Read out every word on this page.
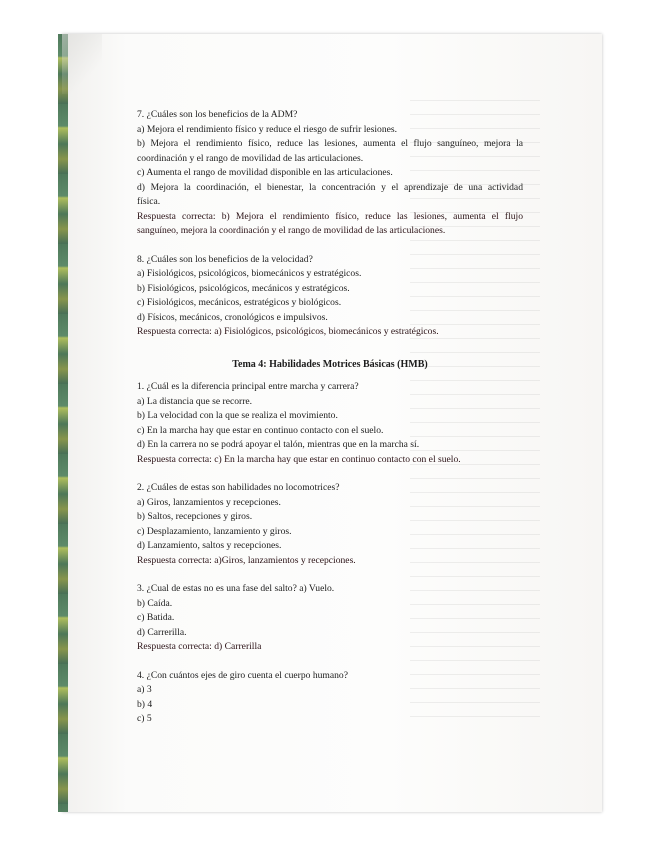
7. ¿Cuáles son los beneficios de la ADM?
a) Mejora el rendimiento físico y reduce el riesgo de sufrir lesiones.
b) Mejora el rendimiento físico, reduce las lesiones, aumenta el flujo sanguíneo, mejora la
coordinación y el rango de movilidad de las articulaciones.
c) Aumenta el rango de movilidad disponible en las articulaciones.
d) Mejora la coordinación, el bienestar, la concentración y el aprendizaje de una actividad
física.
Respuesta correcta: b) Mejora el rendimiento físico, reduce las lesiones, aumenta el flujo
sanguíneo, mejora la coordinación y el rango de movilidad de las articulaciones.
8. ¿Cuáles son los beneficios de la velocidad?
a) Fisiológicos, psicológicos, biomecánicos y estratégicos.
b) Fisiológicos, psicológicos, mecánicos y estratégicos.
c) Fisiológicos, mecánicos, estratégicos y biológicos.
d) Físicos, mecánicos, cronológicos e impulsivos.
Respuesta correcta: a) Fisiológicos, psicológicos, biomecánicos y estratégicos.
Tema 4: Habilidades Motrices Básicas (HMB)
1. ¿Cuál es la diferencia principal entre marcha y carrera?
a) La distancia que se recorre.
b) La velocidad con la que se realiza el movimiento.
c) En la marcha hay que estar en continuo contacto con el suelo.
d) En la carrera no se podrá apoyar el talón, mientras que en la marcha sí.
Respuesta correcta: c) En la marcha hay que estar en continuo contacto con el suelo.
2. ¿Cuáles de estas son habilidades no locomotrices?
a) Giros, lanzamientos y recepciones.
b) Saltos, recepciones y giros.
c) Desplazamiento, lanzamiento y giros.
d) Lanzamiento, saltos y recepciones.
Respuesta correcta: a)Giros, lanzamientos y recepciones.
3. ¿Cual de estas no es una fase del salto? a) Vuelo.
b) Caída.
c) Batida.
d) Carrerilla.
Respuesta correcta: d) Carrerilla
4. ¿Con cuántos ejes de giro cuenta el cuerpo humano?
a) 3
b) 4
c) 5
